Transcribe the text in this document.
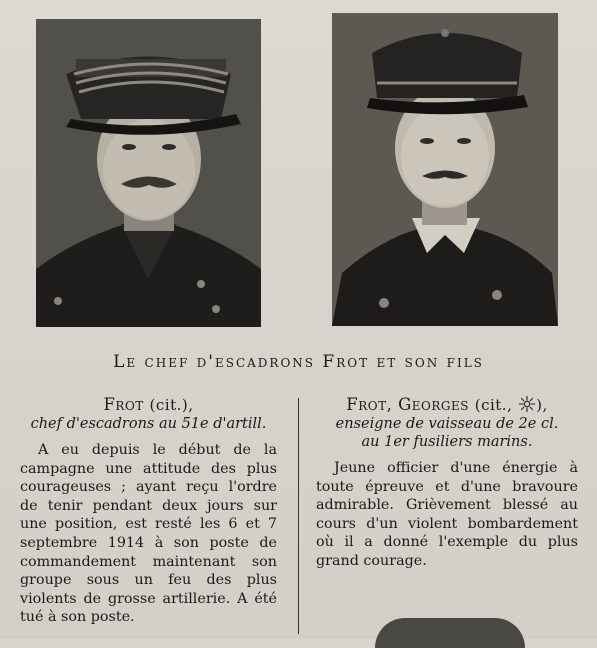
Le chef d'escadrons Frot et son fils
Frot (cit.),
chef d'escadrons au 51e d'artill.
A eu depuis le début de la campagne une attitude des plus courageuses ; ayant reçu l'ordre de tenir pendant deux jours sur une position, est resté les 6 et 7 septembre 1914 à son poste de commandement maintenant son groupe sous un feu des plus violents de grosse artillerie. A été tué à son poste.
Frot, Georges (cit., ),
enseigne de vaisseau de 2e cl.
au 1er fusiliers marins.
Jeune officier d'une énergie à toute épreuve et d'une bravoure admirable. Grièvement blessé au cours d'un violent bombardement où il a donné l'exemple du plus grand courage.
